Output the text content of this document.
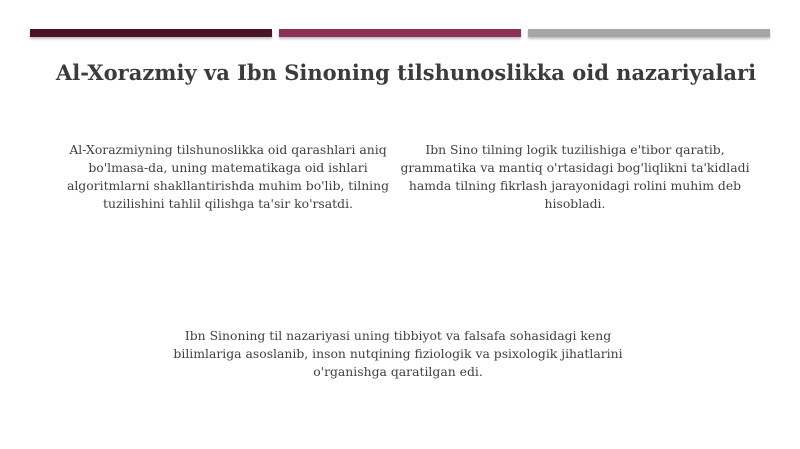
Al-Xorazmiy va Ibn Sinoning tilshunoslikka oid nazariyalari

Al-Xorazmiyning tilshunoslikka oid qarashlari aniq bo'lmasa-da, uning matematikaga oid ishlari algoritmlarni shakllantirishda muhim bo'lib, tilning tuzilishini tahlil qilishga ta'sir ko'rsatdi.

Ibn Sino tilning logik tuzilishiga e'tibor qaratib, grammatika va mantiq o'rtasidagi bog'liqlikni ta'kidladi hamda tilning fikrlash jarayonidagi rolini muhim deb hisobladi.

Ibn Sinoning til nazariyasi uning tibbiyot va falsafa sohasidagi keng bilimlariga asoslanib, inson nutqining fiziologik va psixologik jihatlarini o'rganishga qaratilgan edi.
